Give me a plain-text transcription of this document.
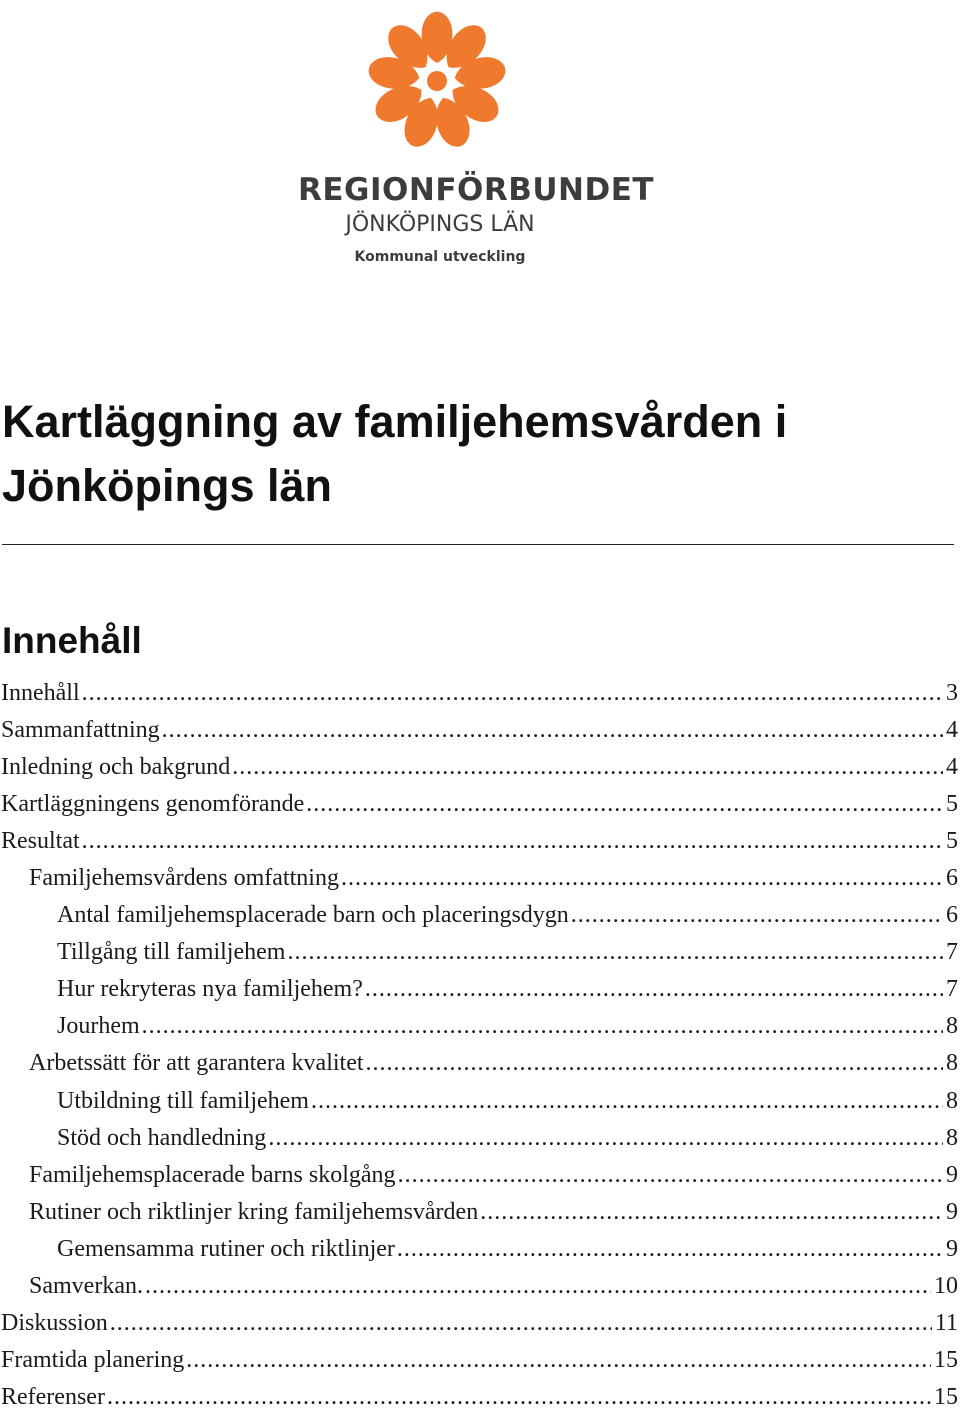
REGIONFÖRBUNDET
JÖNKÖPINGS LÄN
Kommunal utveckling
Kartläggning av familjehemsvården i
Jönköpings län
Innehåll
Innehåll .....	3
Sammanfattning .....	4
Inledning och bakgrund .....	4
Kartläggningens genomförande .....	5
Resultat .....	5
Familjehemsvårdens omfattning .....	6
Antal familjehemsplacerade barn och placeringsdygn .....	6
Tillgång till familjehem .....	7
Hur rekryteras nya familjehem? .....	7
Jourhem .....	8
Arbetssätt för att garantera kvalitet .....	8
Utbildning till familjehem .....	8
Stöd och handledning .....	8
Familjehemsplacerade barns skolgång .....	9
Rutiner och riktlinjer kring familjehemsvården .....	9
Gemensamma rutiner och riktlinjer .....	9
Samverkan. .....	10
Diskussion .....	11
Framtida planering .....	15
Referenser .....	15
